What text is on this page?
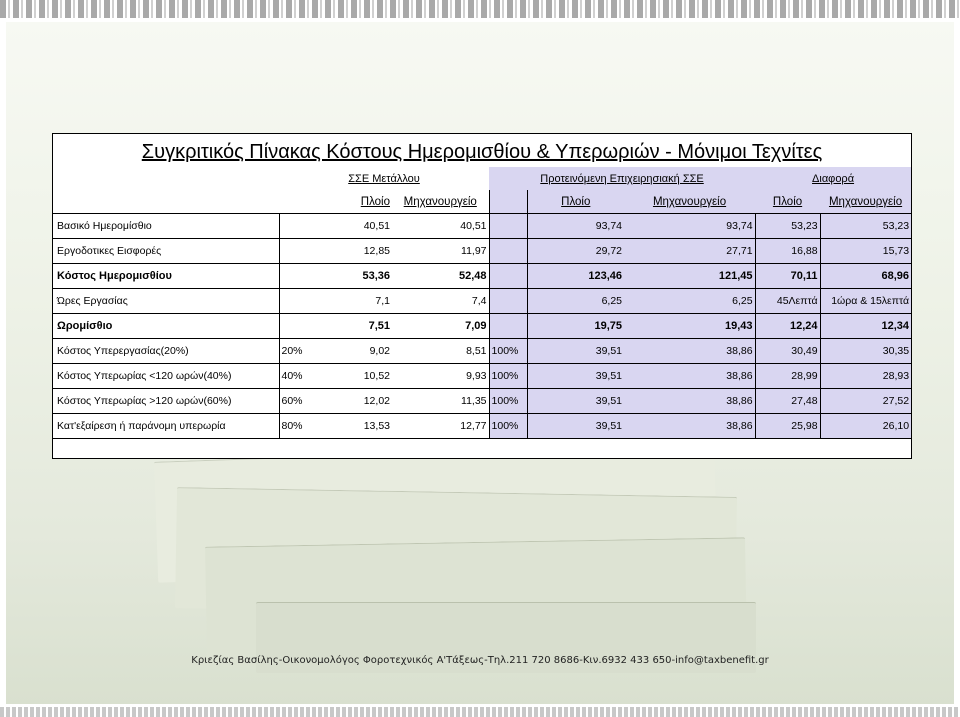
Συγκριτικός Πίνακας Κόστους Ημερομισθίου & Υπερωριών - Μόνιμοι Τεχνίτες
	ΣΣΕ Μετάλλου			Προτεινόμενη Επιχειρησιακή ΣΣΕ			Διαφορά	
	Πλοίο		Μηχανουργείο		Πλοίο	Μηχανουργείο	Πλοίο	Μηχανουργείο
Βασικό Ημερομίσθιο		40,51	40,51		93,74	93,74	53,23	53,23
Εργοδοτικες Εισφορές		12,85	11,97		29,72	27,71	16,88	15,73
Κόστος Ημερομισθίου		53,36	52,48		123,46	121,45	70,11	68,96
Ώρες Εργασίας		7,1	7,4		6,25	6,25	45Λεπτά	1ώρα & 15λεπτά
Ωρομίσθιο		7,51	7,09		19,75	19,43	12,24	12,34
Κόστος Υπερεργασίας(20%)	20%	9,02	8,51	100%	39,51	38,86	30,49	30,35
Κόστος Υπερωρίας <120 ωρών(40%)	40%	10,52	9,93	100%	39,51	38,86	28,99	28,93
Κόστος Υπερωρίας >120 ωρών(60%)	60%	12,02	11,35	100%	39,51	38,86	27,48	27,52
Κατ'εξαίρεση ή παράνομη υπερωρία	80%	13,53	12,77	100%	39,51	38,86	25,98	26,10
Κριεζίας Βασίλης-Οικονομολόγος Φοροτεχνικός Α'Τάξεως-Τηλ.211 720 8686-Κιν.6932 433 650-info@taxbenefit.gr
